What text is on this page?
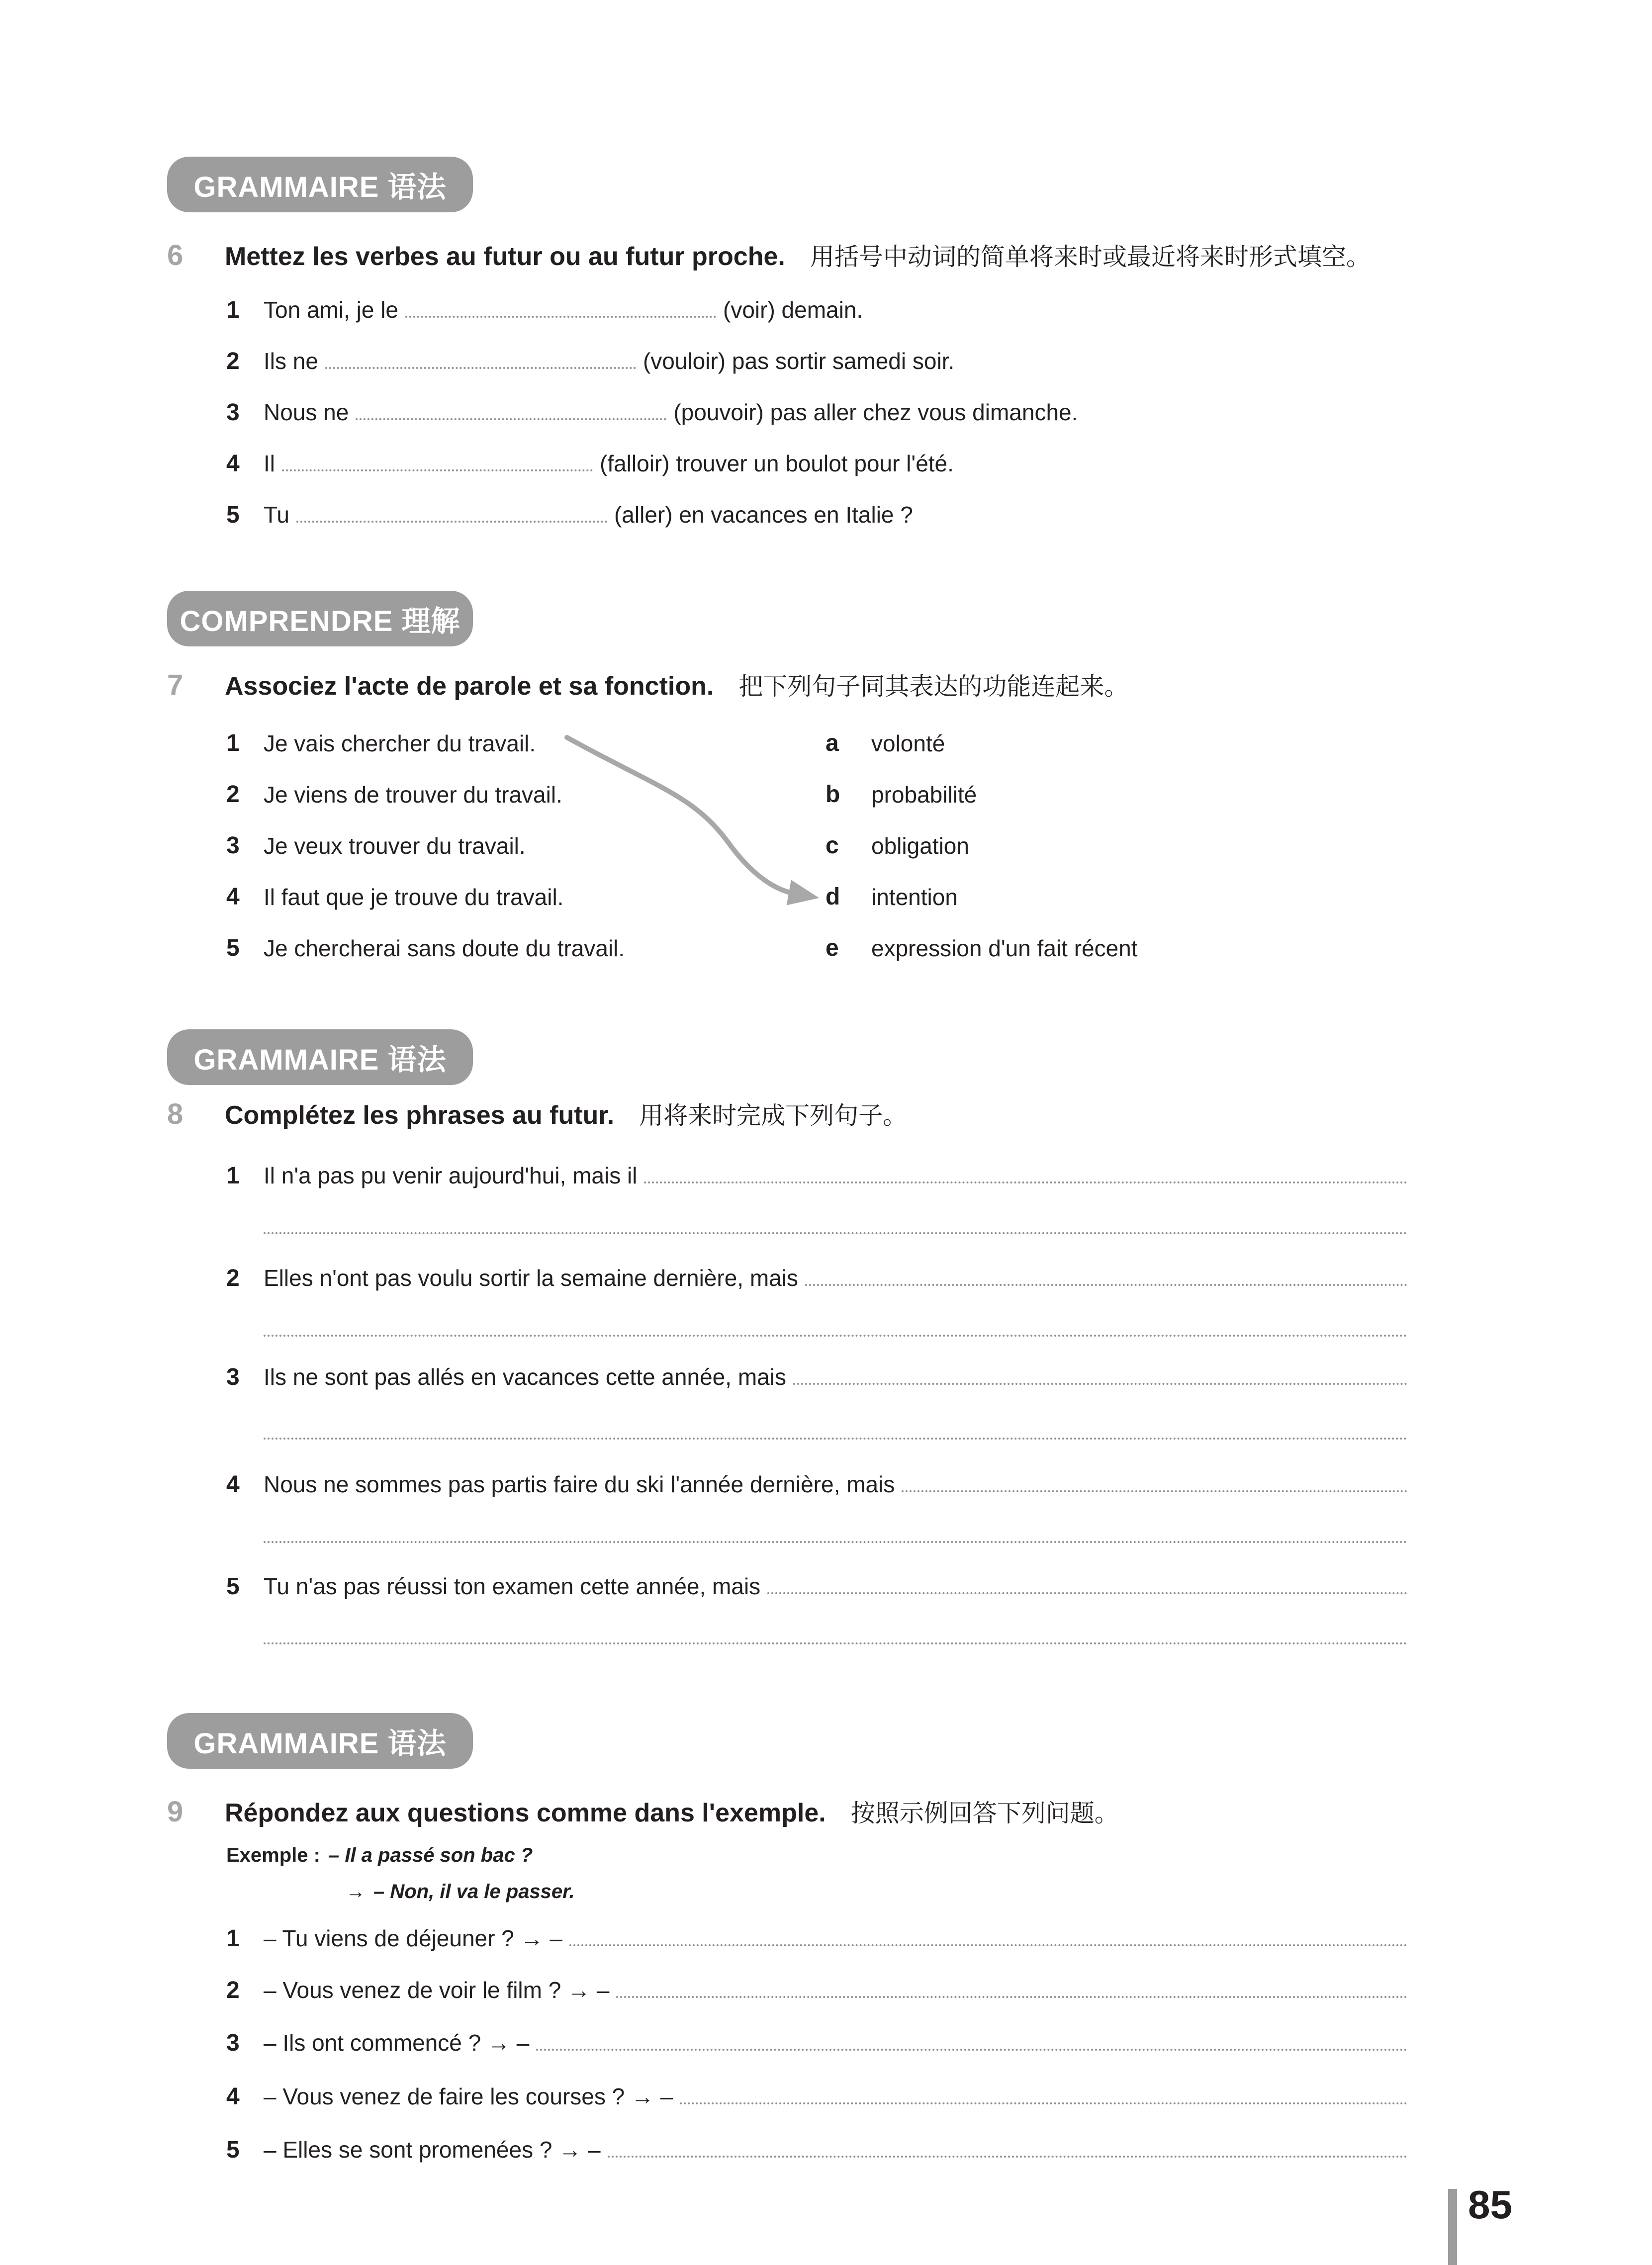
GRAMMAIRE 语法
6	Mettez les verbes au futur ou au futur proche. 用括号中动词的简单将来时或最近将来时形式填空。
1	Ton ami, je le	(voir) demain.
2	Ils ne	(vouloir) pas sortir samedi soir.
3	Nous ne	(pouvoir) pas aller chez vous dimanche.
4	Il	(falloir) trouver un boulot pour l'été.
5	Tu	(aller) en vacances en Italie ?
COMPRENDRE 理解
7	Associez l'acte de parole et sa fonction. 把下列句子同其表达的功能连起来。
1	Je vais chercher du travail.	a volonté
2	Je viens de trouver du travail.	b probabilité
3	Je veux trouver du travail.	c obligation
4	Il faut que je trouve du travail.	d intention
5	Je chercherai sans doute du travail.	e expression d'un fait récent
GRAMMAIRE 语法
8	Complétez les phrases au futur. 用将来时完成下列句子。
1	Il n'a pas pu venir aujourd'hui, mais il
2	Elles n'ont pas voulu sortir la semaine dernière, mais
3	Ils ne sont pas allés en vacances cette année, mais
4	Nous ne sommes pas partis faire du ski l'année dernière, mais
5	Tu n'as pas réussi ton examen cette année, mais
GRAMMAIRE 语法
9	Répondez aux questions comme dans l'exemple. 按照示例回答下列问题。
Exemple : – Il a passé son bac ?
→ – Non, il va le passer.
1	– Tu viens de déjeuner ? → –
2	– Vous venez de voir le film ? → –
3	– Ils ont commencé ? → –
4	– Vous venez de faire les courses ? → –
5	– Elles se sont promenées ? → –
85
